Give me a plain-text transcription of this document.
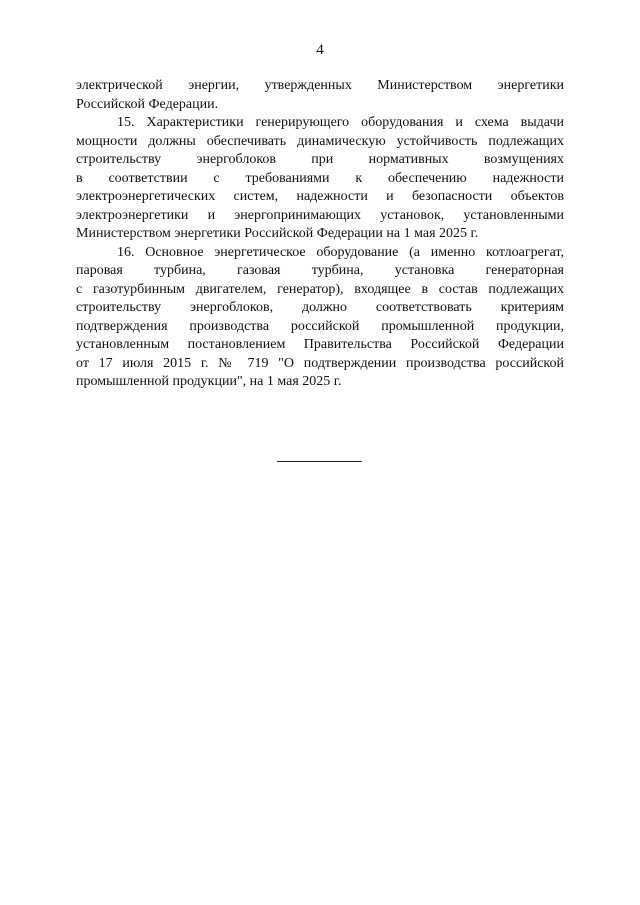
4
электрической энергии, утвержденных Министерством энергетики
Российской Федерации.
15. Характеристики генерирующего оборудования и схема выдачи
мощности должны обеспечивать динамическую устойчивость подлежащих
строительству энергоблоков при нормативных возмущениях
в соответствии с требованиями к обеспечению надежности
электроэнергетических систем, надежности и безопасности объектов
электроэнергетики и энергопринимающих установок, установленными
Министерством энергетики Российской Федерации на 1 мая 2025 г.
16. Основное энергетическое оборудование (а именно котлоагрегат,
паровая турбина, газовая турбина, установка генераторная
с газотурбинным двигателем, генератор), входящее в состав подлежащих
строительству энергоблоков, должно соответствовать критериям
подтверждения производства российской промышленной продукции,
установленным постановлением Правительства Российской Федерации
от 17 июля 2015 г. № 719 "О подтверждении производства российской
промышленной продукции", на 1 мая 2025 г.
